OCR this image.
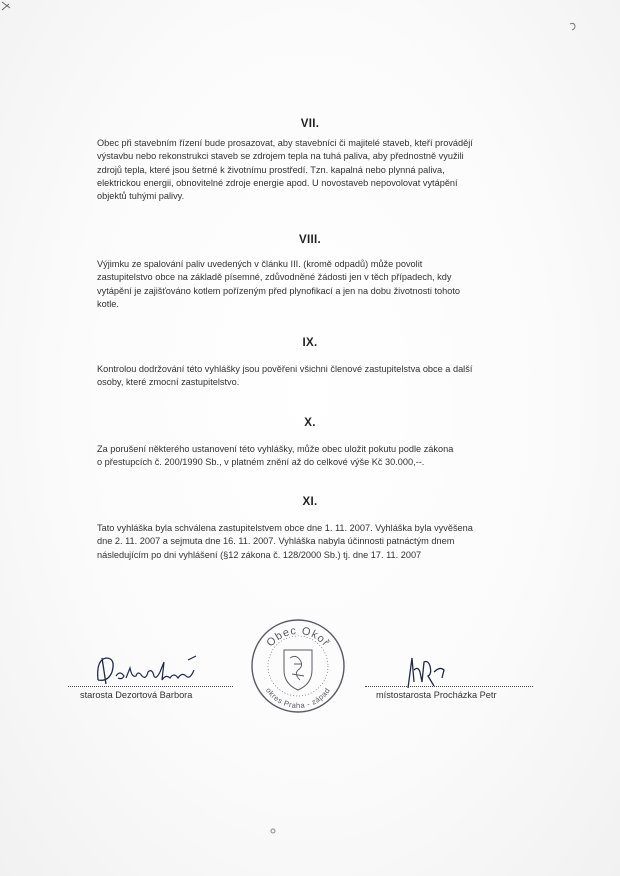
VII.
Obec při stavebním řízení bude prosazovat, aby stavebníci či majitelé staveb, kteří provádějí
výstavbu nebo rekonstrukci staveb se zdrojem tepla na tuhá paliva, aby přednostně využili
zdrojů tepla, které jsou šetrné k životnímu prostředí. Tzn. kapalná nebo plynná paliva,
elektrickou energii, obnovitelné zdroje energie apod. U novostaveb nepovolovat vytápění
objektů tuhými palivy.
VIII.
Výjimku ze spalování paliv uvedených v článku III. (kromě odpadů) může povolit
zastupitelstvo obce na základě písemné, zdůvodněné žádosti jen v těch případech, kdy
vytápění je zajišťováno kotlem pořízeným před plynofikací a jen na dobu životnosti tohoto
kotle.
IX.
Kontrolou dodržování této vyhlášky jsou pověřeni všichni členové zastupitelstva obce a další
osoby, které zmocní zastupitelstvo.
X.
Za porušení některého ustanovení této vyhlášky, může obec uložit pokutu podle zákona
o přestupcích č. 200/1990 Sb., v platném znění až do celkové výše Kč 30.000,--.
XI.
Tato vyhláška byla schválena zastupitelstvem obce dne 1. 11. 2007. Vyhláška byla vyvěšena
dne 2. 11. 2007 a sejmuta dne 16. 11. 2007. Vyhláška nabyla účinnosti patnáctým dnem
následujícím po dni vyhlášení (§12 zákona č. 128/2000 Sb.) tj. dne 17. 11. 2007
starosta Dezortová Barbora
Obec Okoř
okres Praha - západ	místostarosta Procházka Petr
